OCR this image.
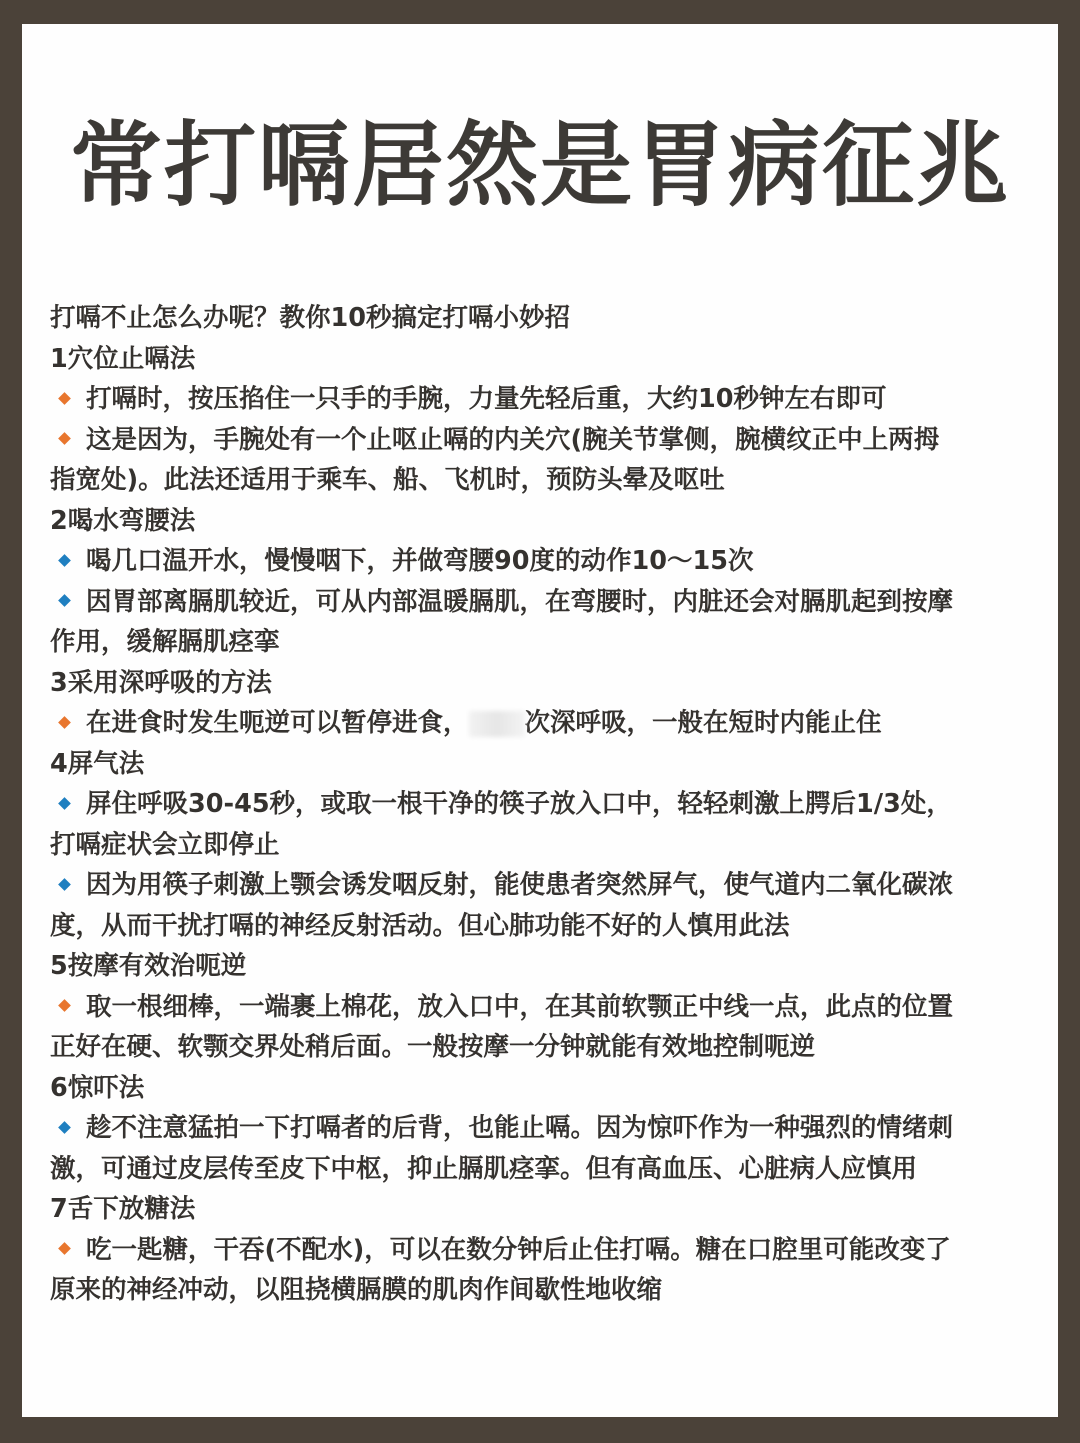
常打嗝居然是胃病征兆
打嗝不止怎么办呢？教你10秒搞定打嗝小妙招
1穴位止嗝法
打嗝时，按压掐住一只手的手腕，力量先轻后重，大约10秒钟左右即可
这是因为，手腕处有一个止呕止嗝的内关穴(腕关节掌侧，腕横纹正中上两拇
指宽处)。此法还适用于乘车、船、飞机时，预防头晕及呕吐
2喝水弯腰法
喝几口温开水，慢慢咽下，并做弯腰90度的动作10～15次
因胃部离膈肌较近，可从内部温暖膈肌，在弯腰时，内脏还会对膈肌起到按摩
作用，缓解膈肌痉挛
3采用深呼吸的方法
在进食时发生呃逆可以暂停进食， 次深呼吸，一般在短时内能止住
4屏气法
屏住呼吸30-45秒，或取一根干净的筷子放入口中，轻轻刺激上腭后1/3处，
打嗝症状会立即停止
因为用筷子刺激上颚会诱发咽反射，能使患者突然屏气，使气道内二氧化碳浓
度，从而干扰打嗝的神经反射活动。但心肺功能不好的人慎用此法
5按摩有效治呃逆
取一根细棒，一端裹上棉花，放入口中，在其前软颚正中线一点，此点的位置
正好在硬、软颚交界处稍后面。一般按摩一分钟就能有效地控制呃逆
6惊吓法
趁不注意猛拍一下打嗝者的后背，也能止嗝。因为惊吓作为一种强烈的情绪刺
激，可通过皮层传至皮下中枢，抑止膈肌痉挛。但有高血压、心脏病人应慎用
7舌下放糖法
吃一匙糖，干吞(不配水)，可以在数分钟后止住打嗝。糖在口腔里可能改变了
原来的神经冲动，以阻挠横膈膜的肌肉作间歇性地收缩
